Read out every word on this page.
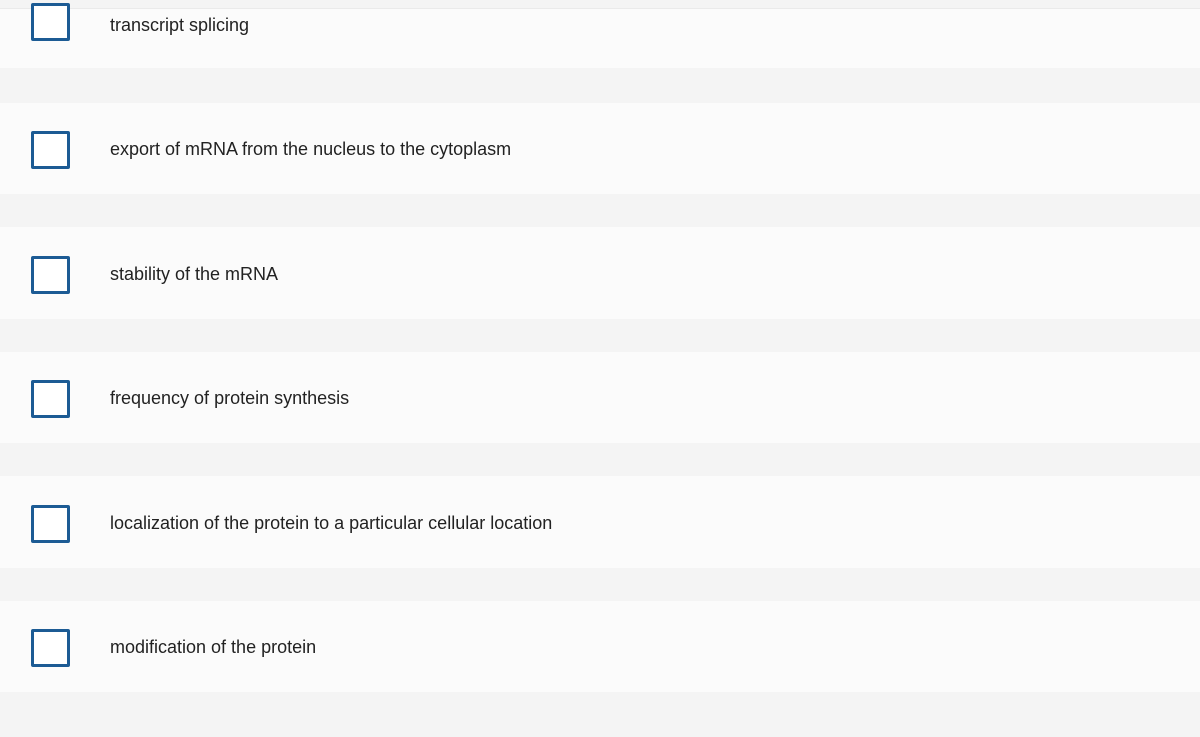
transcript splicing
export of mRNA from the nucleus to the cytoplasm
stability of the mRNA
frequency of protein synthesis
localization of the protein to a particular cellular location
modification of the protein
